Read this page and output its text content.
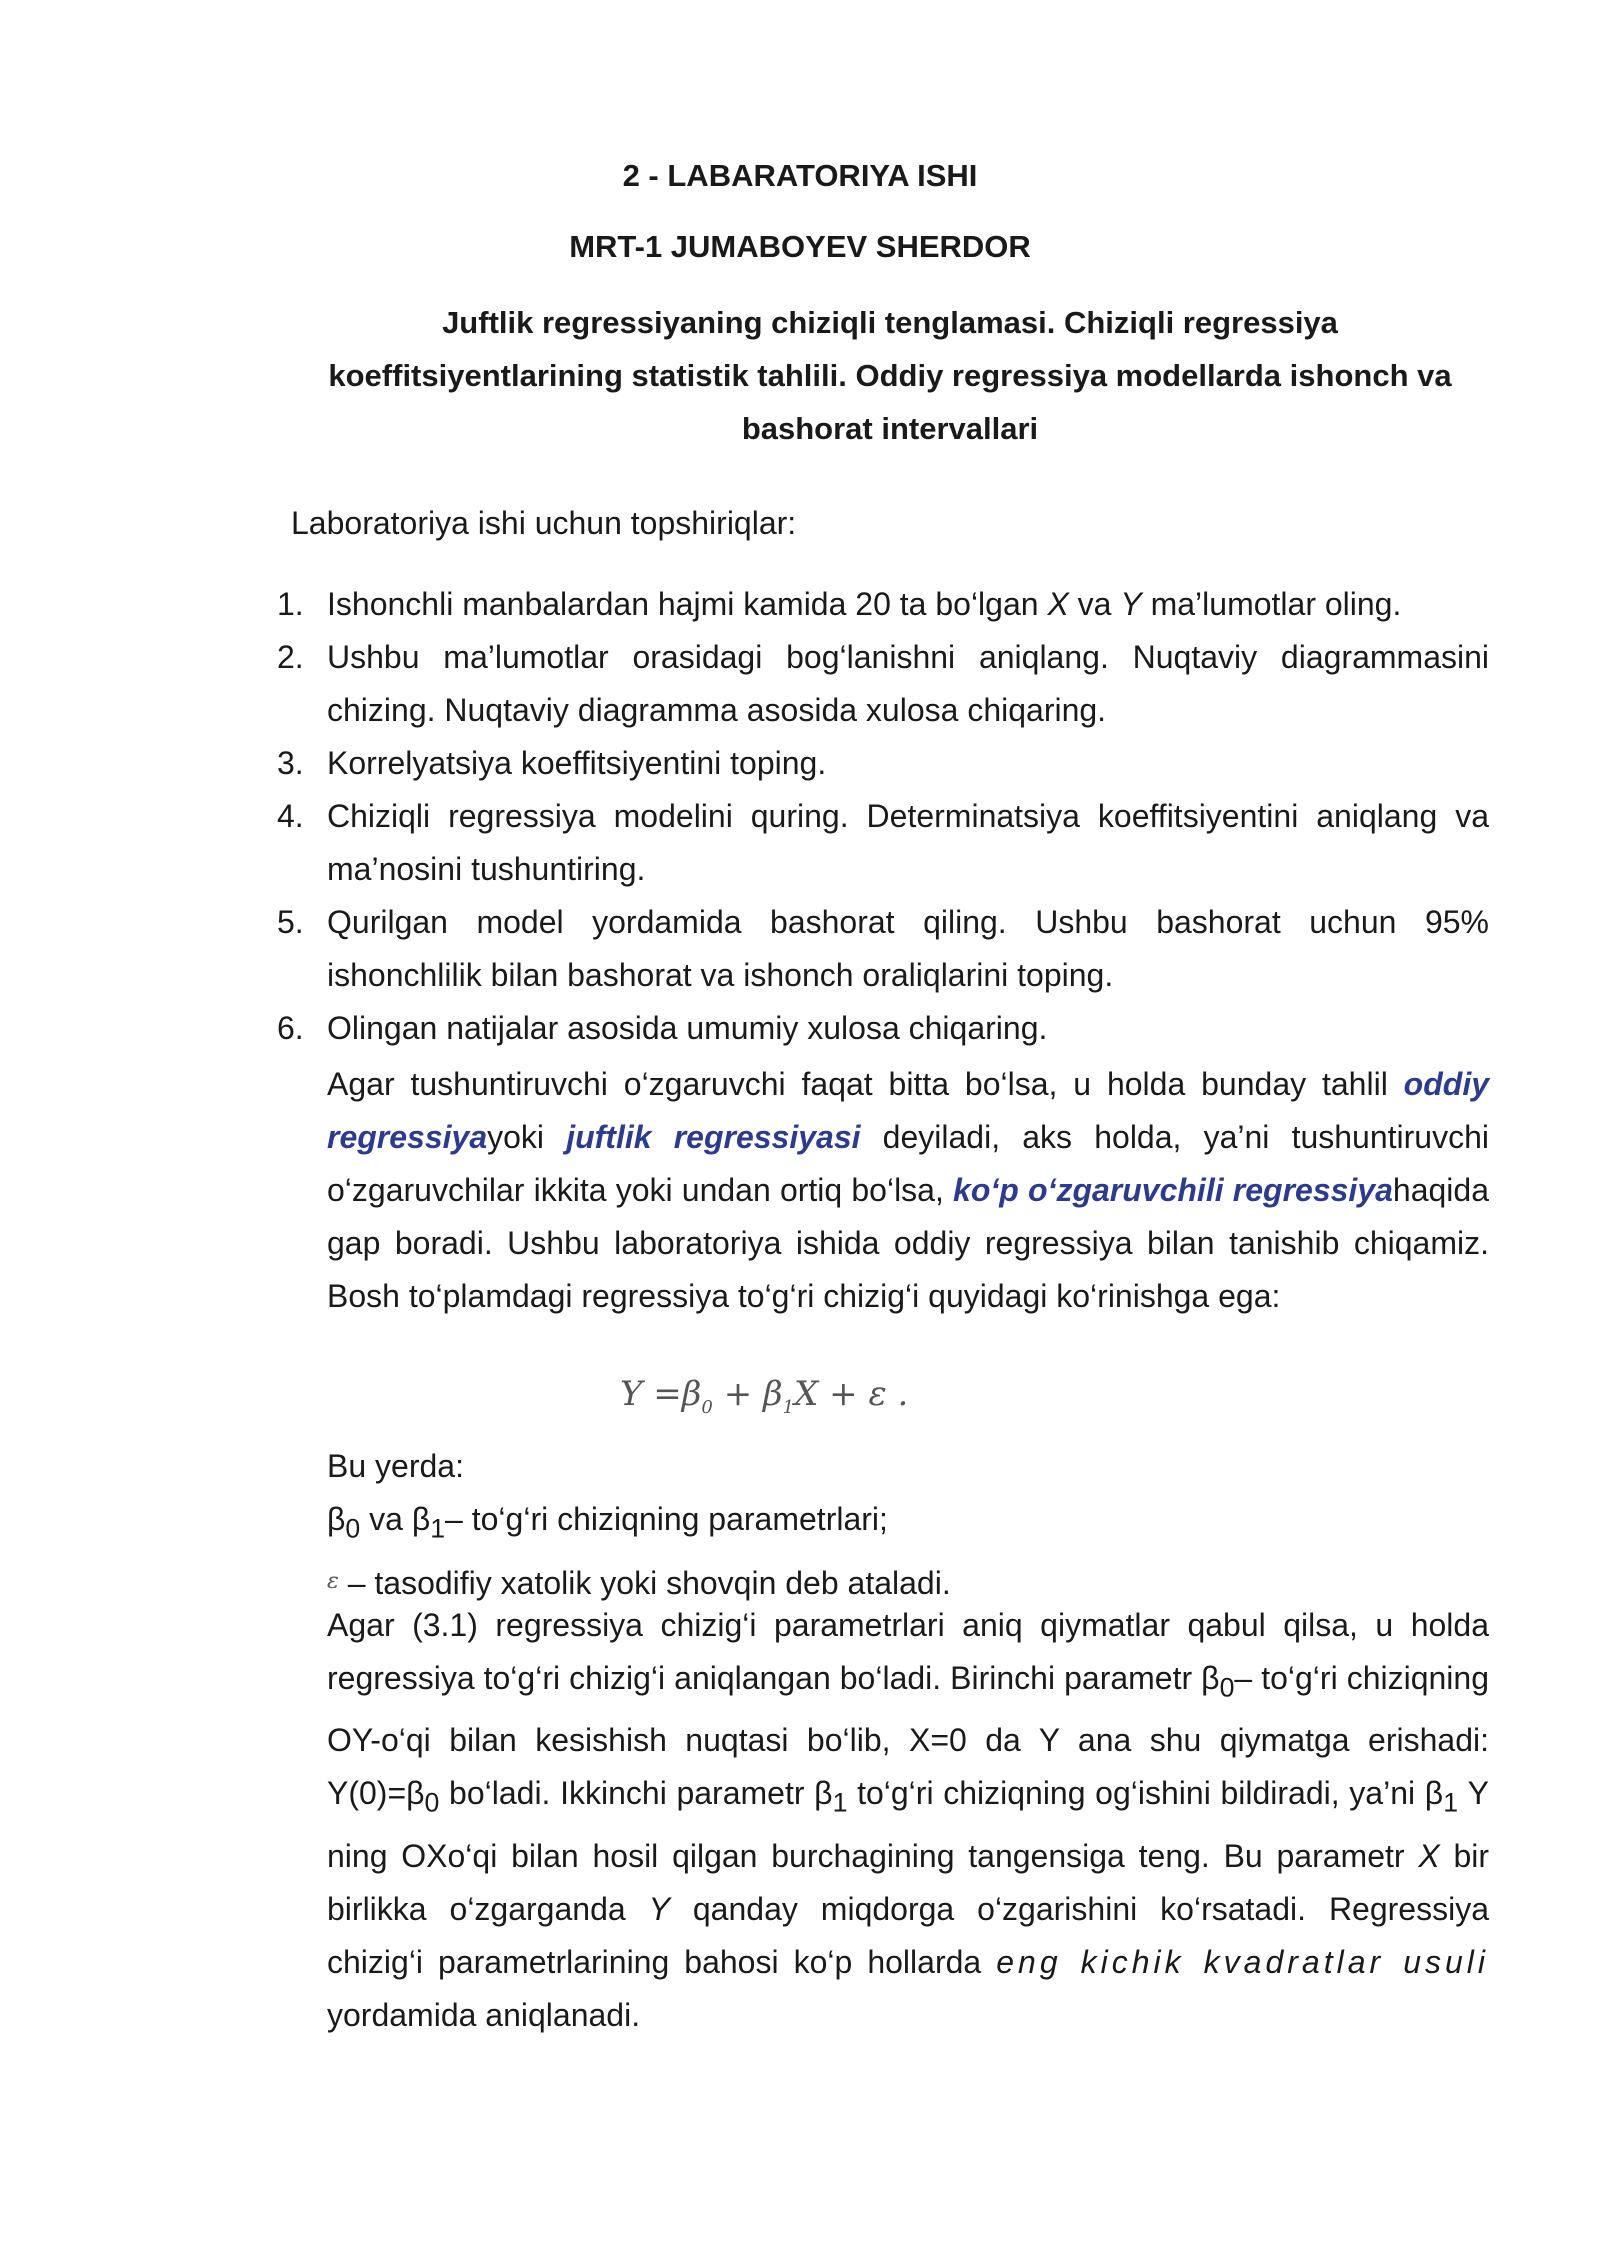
2 - LABARATORIYA ISHI
MRT-1 JUMABOYEV SHERDOR
Juftlik regressiyaning chiziqli tenglamasi. Chiziqli regressiya
koeffitsiyentlarining statistik tahlili. Oddiy regressiya modellarda ishonch va
bashorat intervallari
Laboratoriya ishi uchun topshiriqlar:
1. Ishonchli manbalardan hajmi kamida 20 ta bo‘lgan X va Y ma’lumotlar oling.
2. Ushbu ma’lumotlar orasidagi bog‘lanishni aniqlang. Nuqtaviy diagrammasini chizing. Nuqtaviy diagramma asosida xulosa chiqaring.
3. Korrelyatsiya koeffitsiyentini toping.
4. Chiziqli regressiya modelini quring. Determinatsiya koeffitsiyentini aniqlang va ma’nosini tushuntiring.
5. Qurilgan model yordamida bashorat qiling. Ushbu bashorat uchun 95% ishonchlilik bilan bashorat va ishonch oraliqlarini toping.
6. Olingan natijalar asosida umumiy xulosa chiqaring.
Agar tushuntiruvchi o‘zgaruvchi faqat bitta bo‘lsa, u holda bunday tahlil oddiy regressiyayoki juftlik regressiyasi deyiladi, aks holda, ya’ni tushuntiruvchi o‘zgaruvchilar ikkita yoki undan ortiq bo‘lsa, ko‘p o‘zgaruvchili regressiyahaqida gap boradi. Ushbu laboratoriya ishida oddiy regressiya bilan tanishib chiqamiz. Bosh to‘plamdagi regressiya to‘g‘ri chizig‘i quyidagi ko‘rinishga ega:
$Y =\beta_0 + \beta_1X + \varepsilon$ .
Bu yerda:
$\beta_0$ va $\beta_1-$ to‘g‘ri chiziqning parametrlari;
ε – tasodifiy xatolik yoki shovqin deb ataladi.
Agar (3.1) regressiya chizig‘i parametrlari aniq qiymatlar qabul qilsa, u holda regressiya to‘g‘ri chizig‘i aniqlangan bo‘ladi. Birinchi parametr $\beta_0-$ to‘g‘ri chiziqning OY-o‘qi bilan kesishish nuqtasi bo‘lib, X=0 da Y ana shu qiymatga erishadi: $Y(0)=\beta_0$ bo‘ladi. Ikkinchi parametr $\beta_1$ to‘g‘ri chiziqning og‘ishini bildiradi, ya’ni $\beta_1$ Y ning OXo‘qi bilan hosil qilgan burchagining tangensiga teng. Bu parametr X bir birlikka o‘zgarganda Y qanday miqdorga o‘zgarishini ko‘rsatadi. Regressiya chizig‘i parametrlarining bahosi ko‘p hollarda eng kichik kvadratlar usuli yordamida aniqlanadi.
